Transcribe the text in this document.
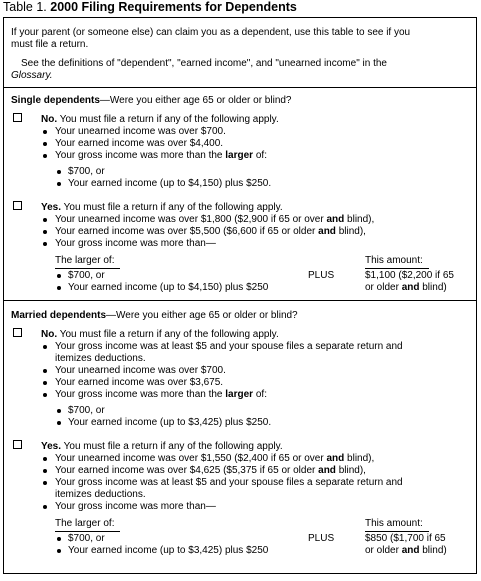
Table 1. 2000 Filing Requirements for Dependents
If your parent (or someone else) can claim you as a dependent, use this table to see if you
must file a return.
See the definitions of "dependent", "earned income", and "unearned income" in the
Glossary.
Single dependents—Were you either age 65 or older or blind?
No. You must file a return if any of the following apply.
Your unearned income was over $700.
Your earned income was over $4,400.
Your gross income was more than the larger of:
$700, or
Your earned income (up to $4,150) plus $250.
Yes. You must file a return if any of the following apply.
Your unearned income was over $1,800 ($2,900 if 65 or over and blind),
Your earned income was over $5,500 ($6,600 if 65 or older and blind),
Your gross income was more than—
The larger of:	This amount:
$700, or
Your earned income (up to $4,150) plus $250
PLUS	$1,100 ($2,200 if 65
or older and blind)
Married dependents—Were you either age 65 or older or blind?
No. You must file a return if any of the following apply.
Your gross income was at least $5 and your spouse files a separate return and
itemizes deductions.
Your unearned income was over $700.
Your earned income was over $3,675.
Your gross income was more than the larger of:
$700, or
Your earned income (up to $3,425) plus $250.
Yes. You must file a return if any of the following apply.
Your unearned income was over $1,550 ($2,400 if 65 or over and blind),
Your earned income was over $4,625 ($5,375 if 65 or older and blind),
Your gross income was at least $5 and your spouse files a separate return and
itemizes deductions.
Your gross income was more than—
The larger of:	This amount:
$700, or
Your earned income (up to $3,425) plus $250
PLUS	$850 ($1,700 if 65
or older and blind)
